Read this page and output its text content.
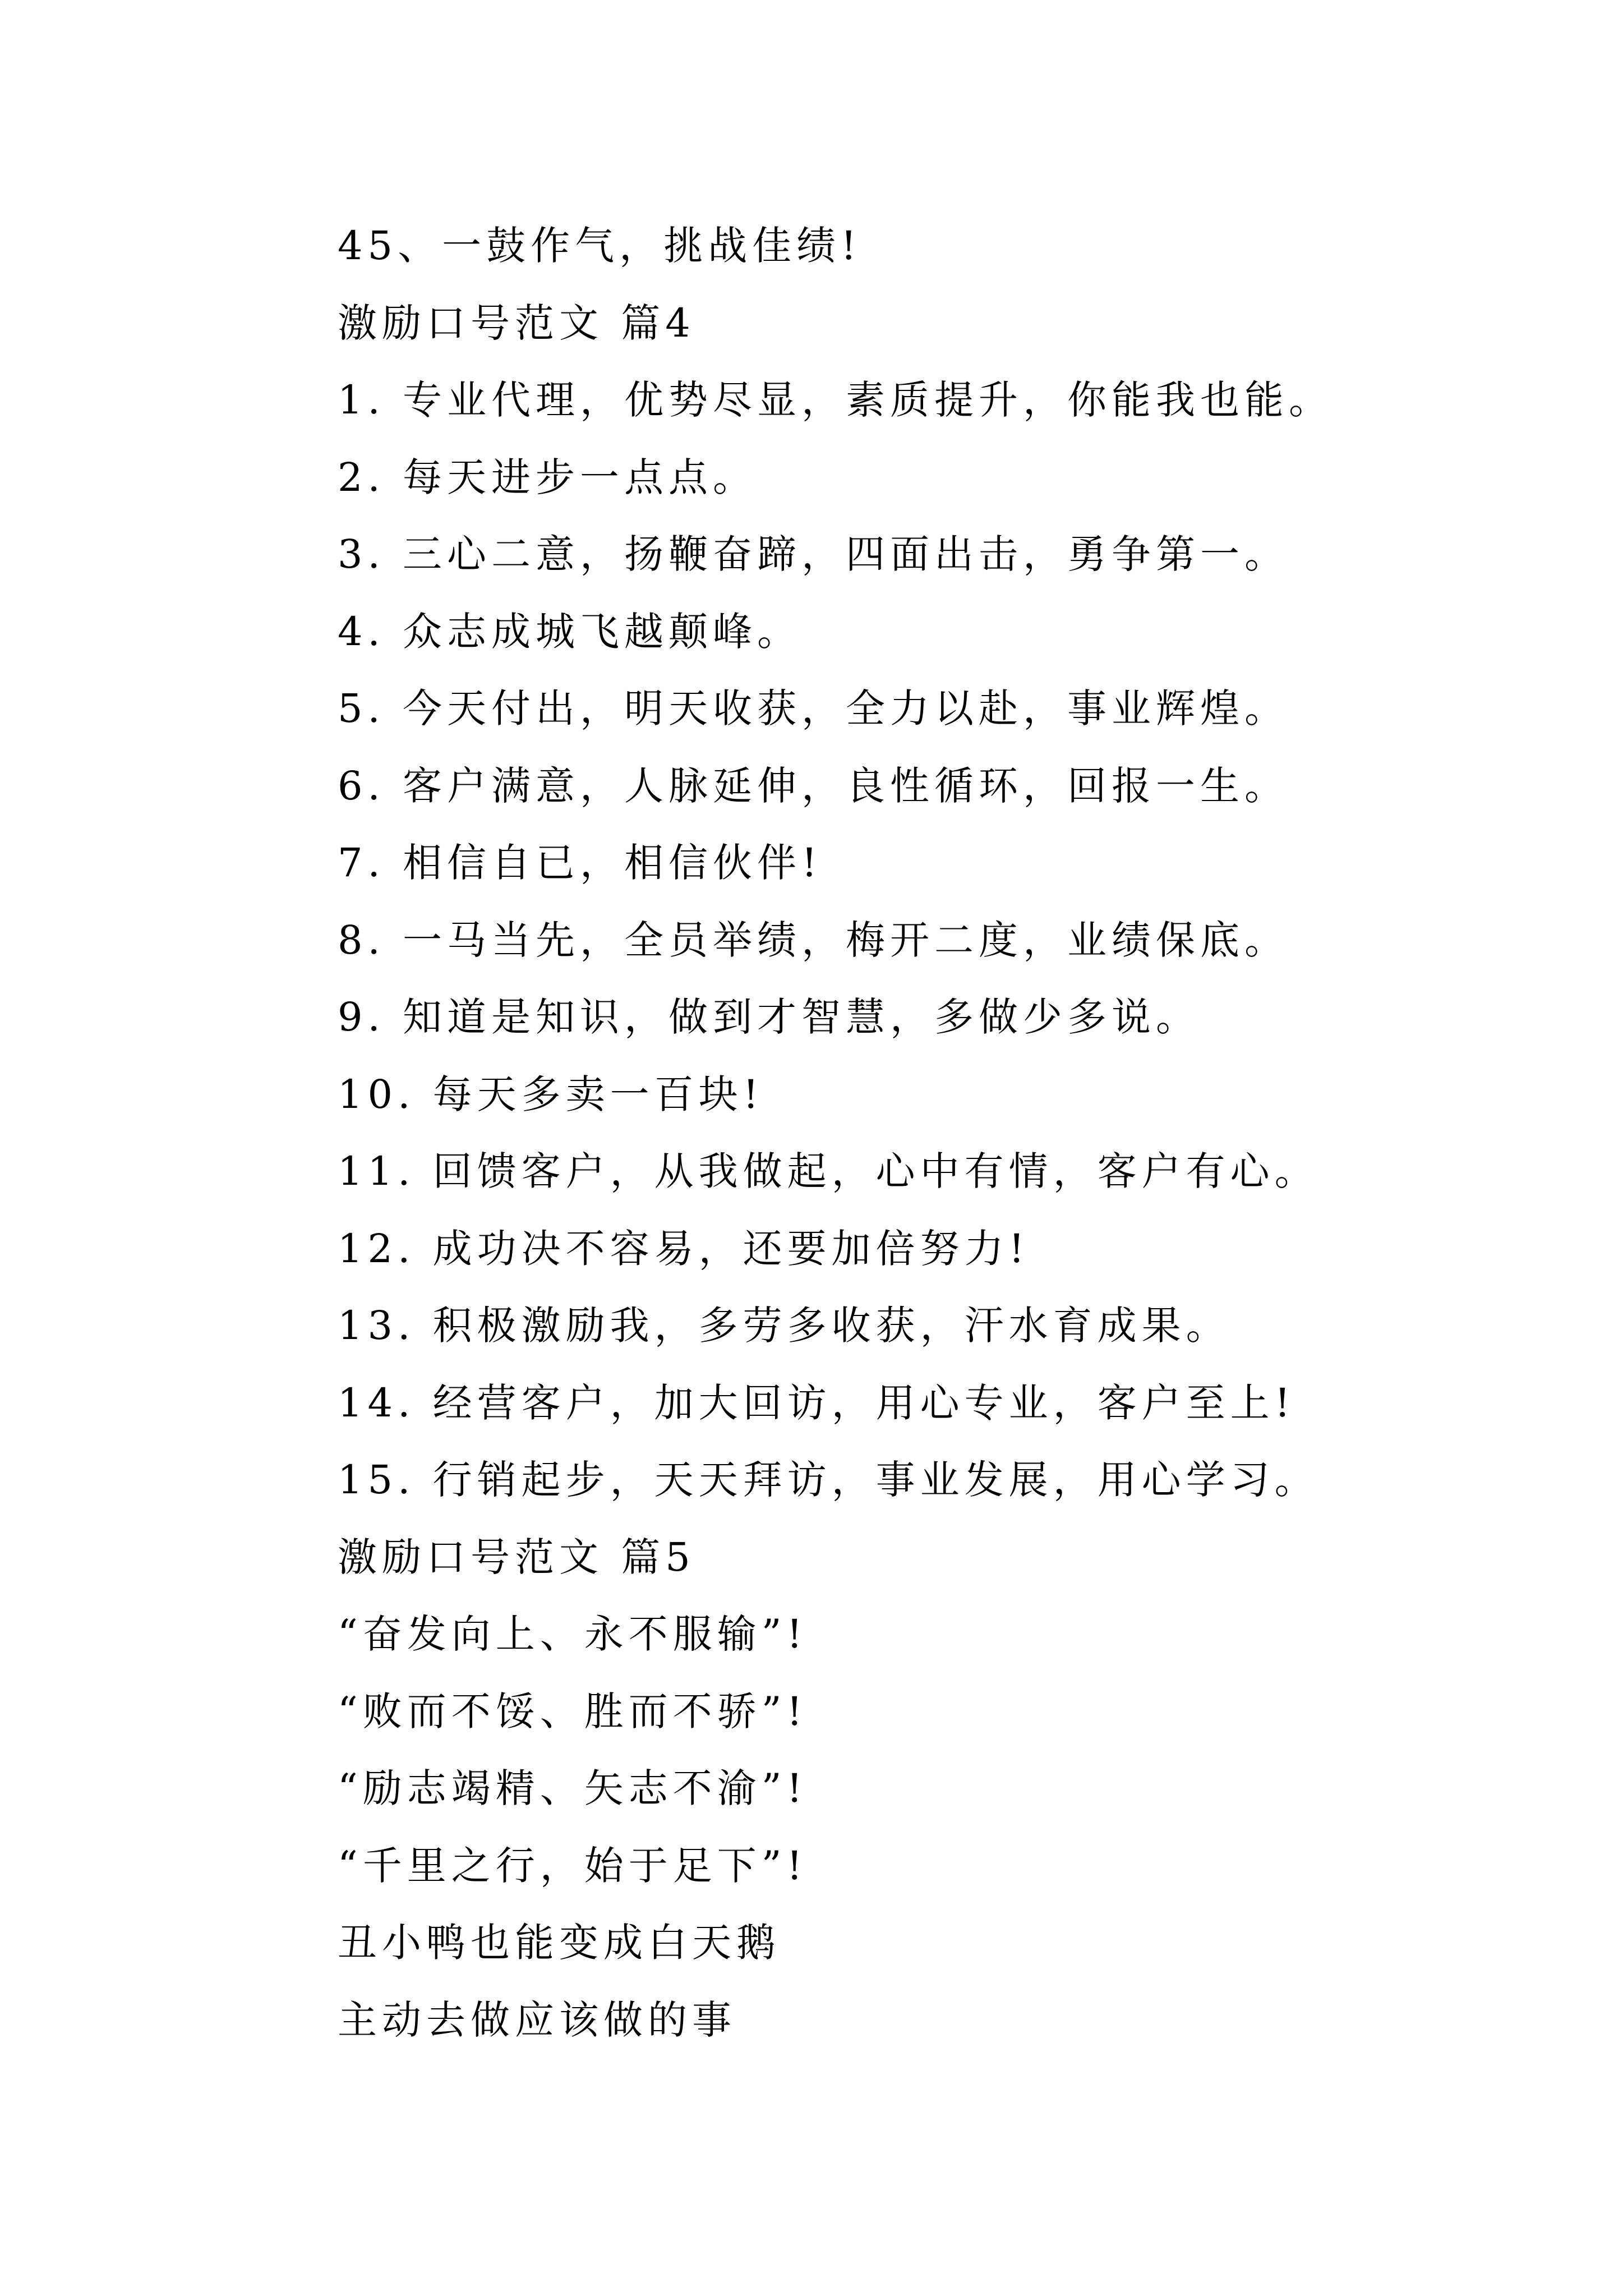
45、一鼓作气，挑战佳绩!
激励口号范文 篇4
1. 专业代理，优势尽显，素质提升，你能我也能。
2. 每天进步一点点。
3. 三心二意，扬鞭奋蹄，四面出击，勇争第一。
4. 众志成城飞越颠峰。
5. 今天付出，明天收获，全力以赴，事业辉煌。
6. 客户满意，人脉延伸，良性循环，回报一生。
7. 相信自已，相信伙伴!
8. 一马当先，全员举绩，梅开二度，业绩保底。
9. 知道是知识，做到才智慧，多做少多说。
10. 每天多卖一百块!
11. 回馈客户，从我做起，心中有情，客户有心。
12. 成功决不容易，还要加倍努力!
13. 积极激励我，多劳多收获，汗水育成果。
14. 经营客户，加大回访，用心专业，客户至上!
15. 行销起步，天天拜访，事业发展，用心学习。
激励口号范文 篇5
“奋发向上、永不服输”!
“败而不馁、胜而不骄”!
“励志竭精、矢志不渝”!
“千里之行，始于足下”!
丑小鸭也能变成白天鹅
主动去做应该做的事
